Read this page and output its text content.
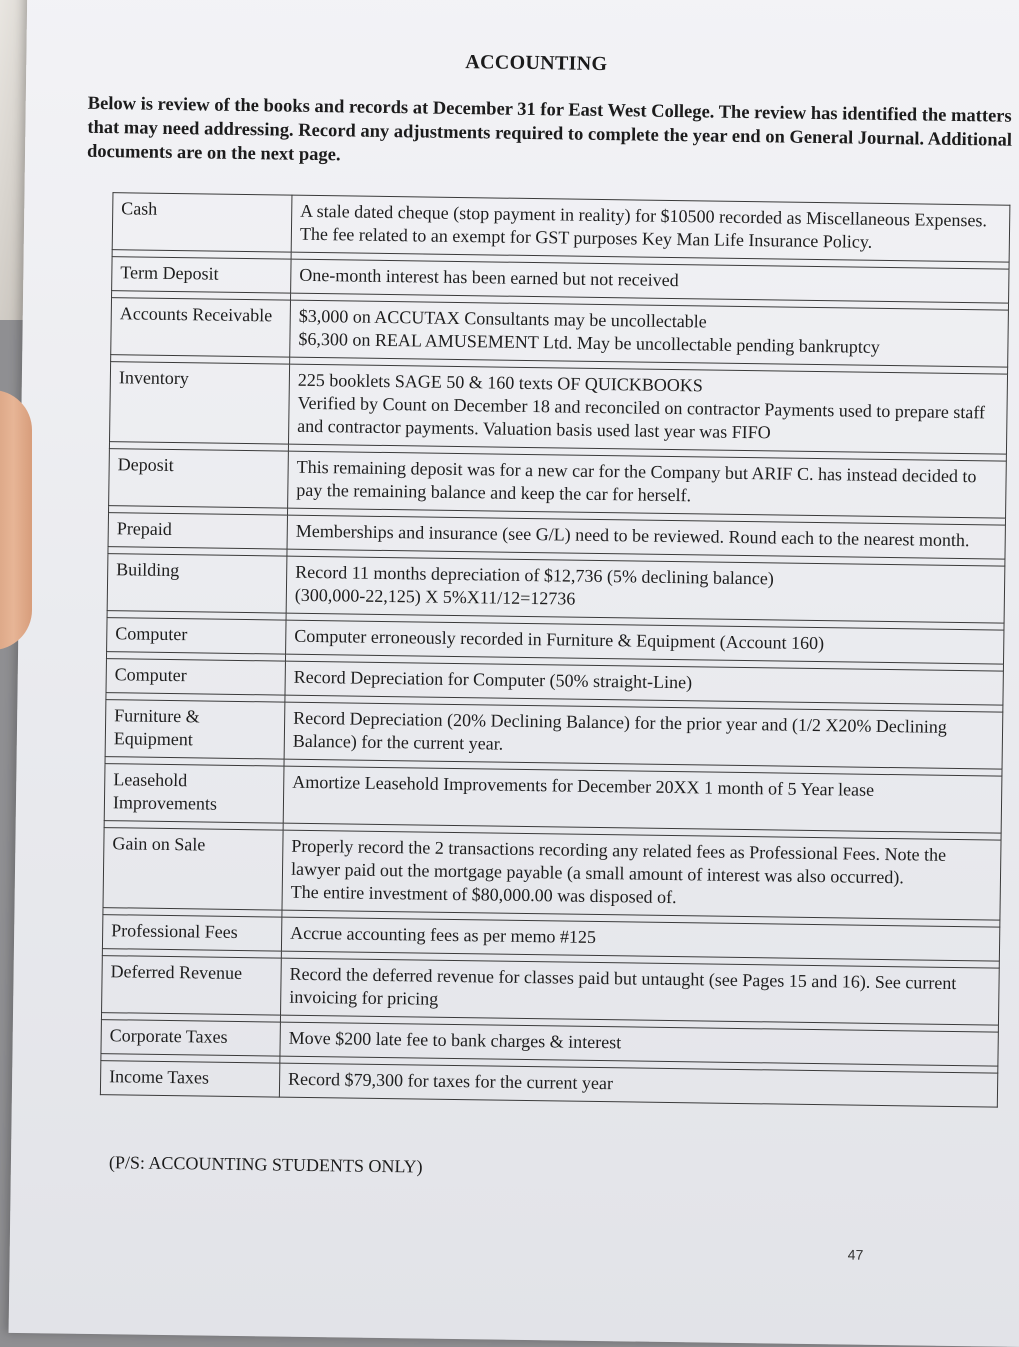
ACCOUNTING
Below is review of the books and records at December 31 for East West College. The review has identified the matters that may need addressing. Record any adjustments required to complete the year end on General Journal. Additional documents are on the next page.
Cash	A stale dated cheque (stop payment in reality) for $10500 recorded as Miscellaneous Expenses. The fee related to an exempt for GST purposes Key Man Life Insurance Policy.

Term Deposit	One-month interest has been earned but not received

Accounts Receivable	$3,000 on ACCUTAX Consultants may be uncollectable
$6,300 on REAL AMUSEMENT Ltd. May be uncollectable pending bankruptcy

Inventory	225 booklets SAGE 50 & 160 texts OF QUICKBOOKS
Verified by Count on December 18 and reconciled on contractor Payments used to prepare staff and contractor payments. Valuation basis used last year was FIFO

Deposit	This remaining deposit was for a new car for the Company but ARIF C. has instead decided to pay the remaining balance and keep the car for herself.

Prepaid	Memberships and insurance (see G/L) need to be reviewed. Round each to the nearest month.

Building	Record 11 months depreciation of $12,736 (5% declining balance)
(300,000-22,125) X 5%X11/12=12736

Computer	Computer erroneously recorded in Furniture & Equipment (Account 160)

Computer	Record Depreciation for Computer (50% straight-Line)

Furniture & Equipment	Record Depreciation (20% Declining Balance) for the prior year and (1/2 X20% Declining Balance) for the current year.

Leasehold Improvements	Amortize Leasehold Improvements for December 20XX 1 month of 5 Year lease

Gain on Sale	Properly record the 2 transactions recording any related fees as Professional Fees. Note the lawyer paid out the mortgage payable (a small amount of interest was also occurred).
The entire investment of $80,000.00 was disposed of.

Professional Fees	Accrue accounting fees as per memo #125

Deferred Revenue	Record the deferred revenue for classes paid but untaught (see Pages 15 and 16). See current invoicing for pricing

Corporate Taxes	Move $200 late fee to bank charges & interest

Income Taxes	Record $79,300 for taxes for the current year
(P/S: ACCOUNTING STUDENTS ONLY)
47
